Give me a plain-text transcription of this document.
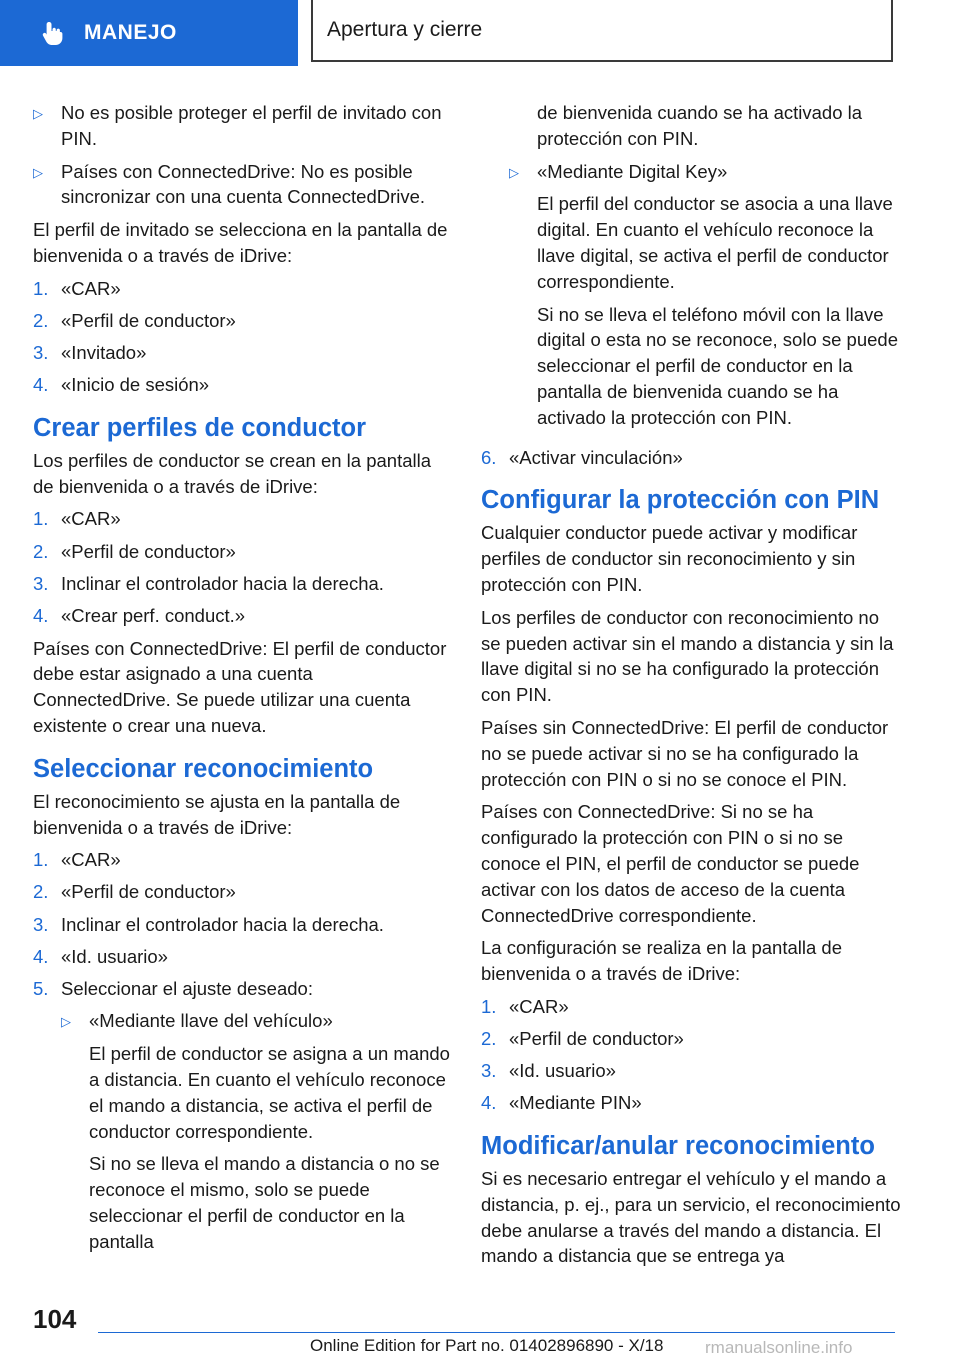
MANEJO	Apertura y cierre
▷ No es posible proteger el perfil de invitado con PIN.
▷ Países con ConnectedDrive: No es posible sincronizar con una cuenta ConnectedDrive.

El perfil de invitado se selecciona en la pantalla de bienvenida o a través de iDrive:

1. «CAR»
2. «Perfil de conductor»
3. «Invitado»
4. «Inicio de sesión»
Crear perfiles de conductor

Los perfiles de conductor se crean en la pantalla de bienvenida o a través de iDrive:

1. «CAR»
2. «Perfil de conductor»
3. Inclinar el controlador hacia la derecha.
4. «Crear perf. conduct.»

Países con ConnectedDrive: El perfil de conductor debe estar asignado a una cuenta ConnectedDrive. Se puede utilizar una cuenta existente o crear una nueva.

Seleccionar reconocimiento

El reconocimiento se ajusta en la pantalla de bienvenida o a través de iDrive:

1. «CAR»
2. «Perfil de conductor»
3. Inclinar el controlador hacia la derecha.
4. «Id. usuario»
5. Seleccionar el ajuste deseado:
▷ «Mediante llave del vehículo»

El perfil de conductor se asigna a un mando a distancia. En cuanto el vehículo reconoce el mando a distancia, se activa el perfil de conductor correspondiente.

Si no se lleva el mando a distancia o no se reconoce el mismo, solo se puede seleccionar el perfil de conductor en la pantalla

de bienvenida cuando se ha activado la protección con PIN.

▷ «Mediante Digital Key»

El perfil del conductor se asocia a una llave digital. En cuanto el vehículo reconoce la llave digital, se activa el perfil de conductor correspondiente.

Si no se lleva el teléfono móvil con la llave digital o esta no se reconoce, solo se puede seleccionar el perfil de conductor en la pantalla de bienvenida cuando se ha activado la protección con PIN.

6. «Activar vinculación»
Configurar la protección con PIN

Cualquier conductor puede activar y modificar perfiles de conductor sin reconocimiento y sin protección con PIN.

Los perfiles de conductor con reconocimiento no se pueden activar sin el mando a distancia y sin la llave digital si no se ha configurado la protección con PIN.

Países sin ConnectedDrive: El perfil de conductor no se puede activar si no se ha configurado la protección con PIN o si no se conoce el PIN.

Países con ConnectedDrive: Si no se ha configurado la protección con PIN o si no se conoce el PIN, el perfil de conductor se puede activar con los datos de acceso de la cuenta ConnectedDrive correspondiente.

La configuración se realiza en la pantalla de bienvenida o a través de iDrive:

1. «CAR»
2. «Perfil de conductor»
3. «Id. usuario»
4. «Mediante PIN»
Modificar/anular reconocimiento

Si es necesario entregar el vehículo y el mando a distancia, p. ej., para un servicio, el reconocimiento debe anularse a través del mando a distancia. El mando a distancia que se entrega ya

104
Online Edition for Part no. 01402896890 - X/18 rmanualsonline.info
